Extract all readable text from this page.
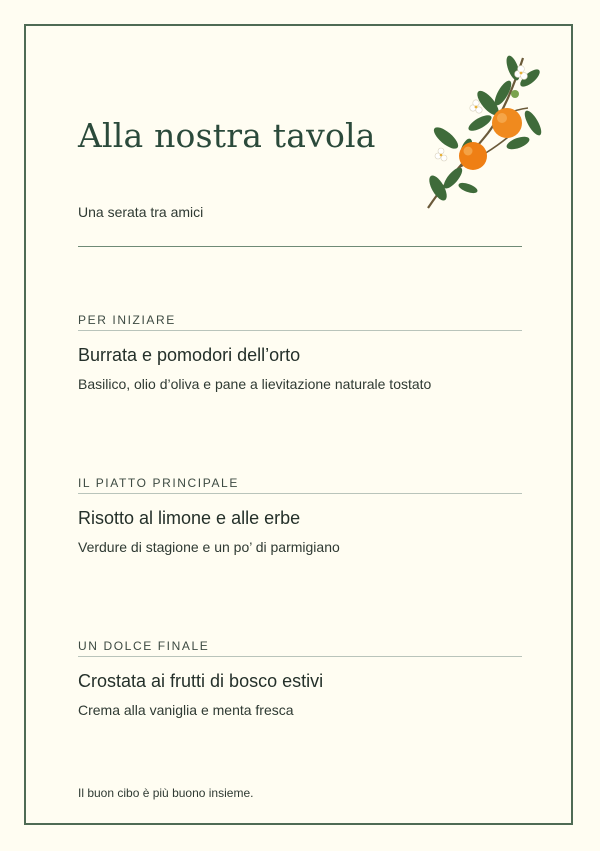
Alla nostra tavola
Una serata tra amici
PER INIZIARE
Burrata e pomodori dell’orto
Basilico, olio d’oliva e pane a lievitazione naturale tostato
IL PIATTO PRINCIPALE
Risotto al limone e alle erbe
Verdure di stagione e un po’ di parmigiano
UN DOLCE FINALE
Crostata ai frutti di bosco estivi
Crema alla vaniglia e menta fresca
Il buon cibo è più buono insieme.
